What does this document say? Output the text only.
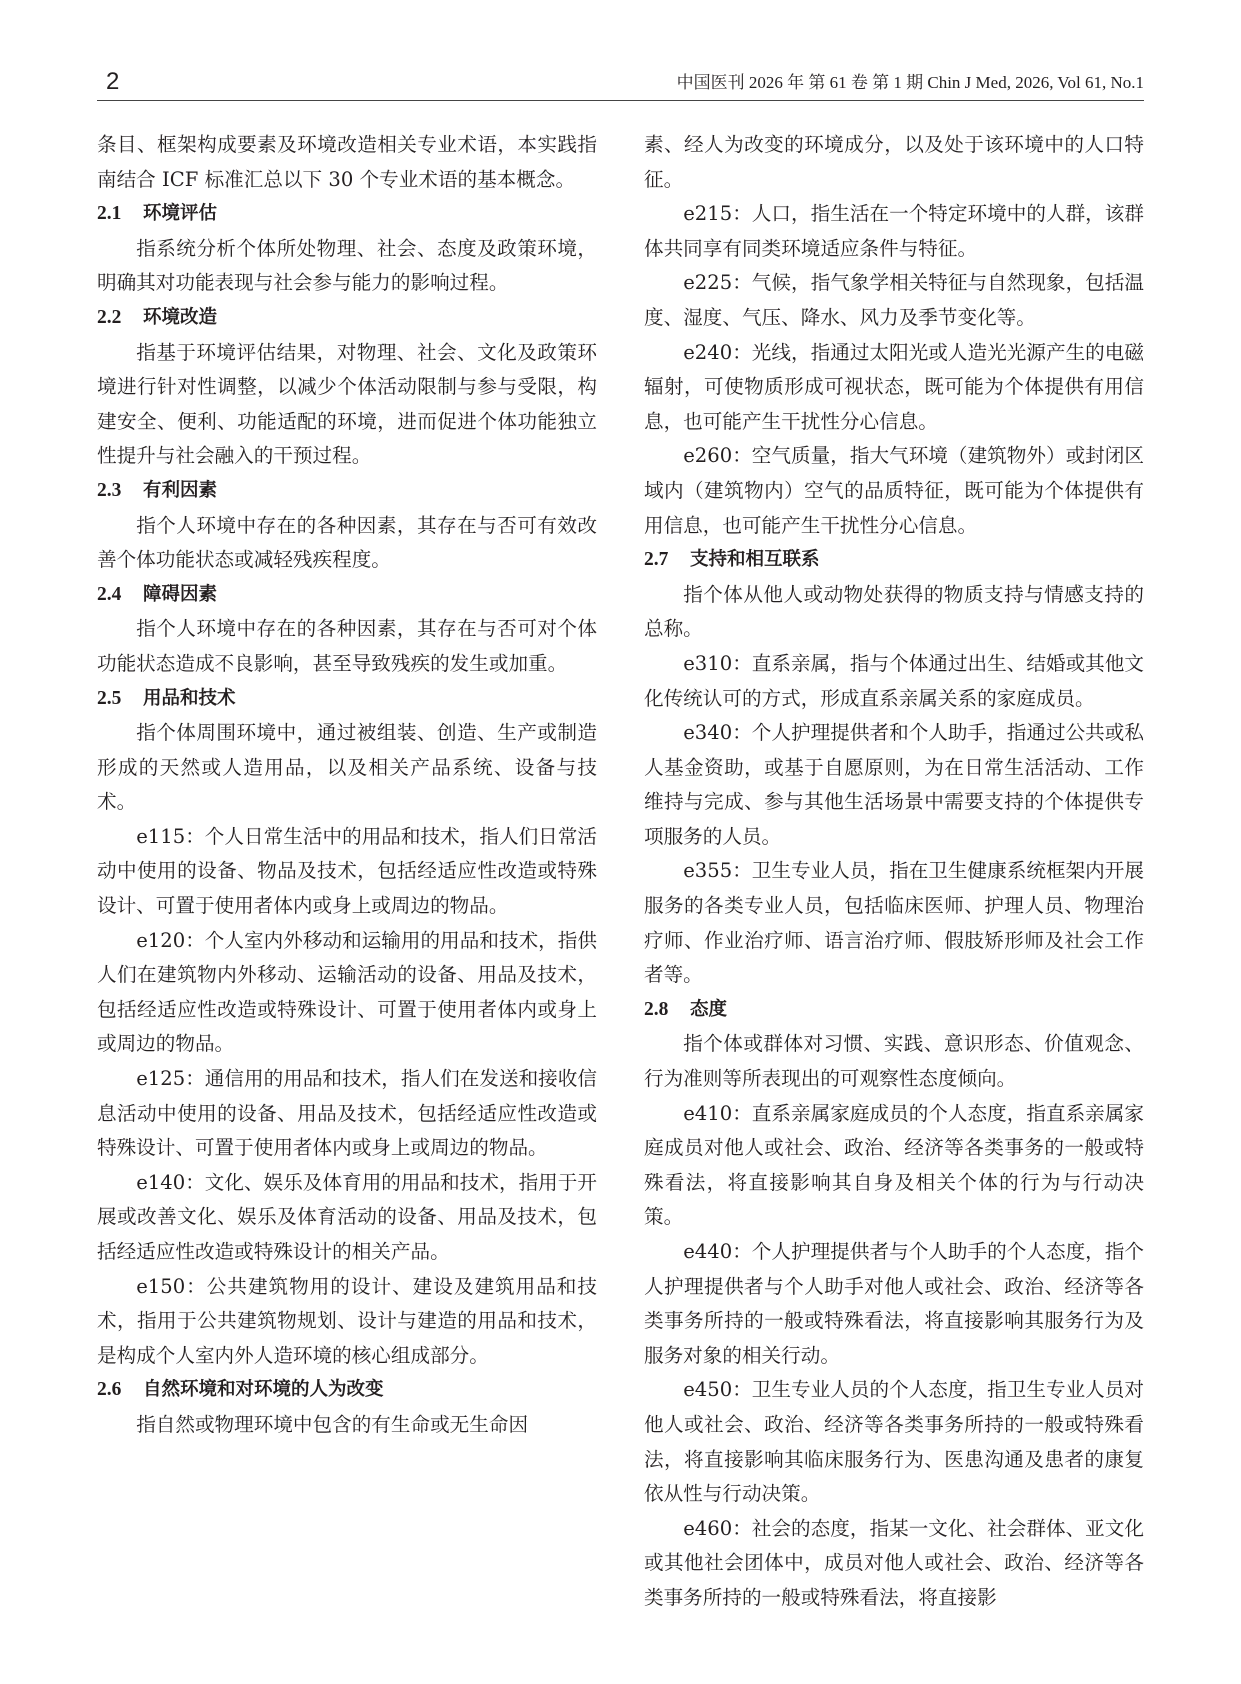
2	中国医刊 2026 年 第 61 卷 第 1 期 Chin J Med, 2026, Vol 61, No.1

条目、框架构成要素及环境改造相关专业术语，本实践指南结合 ICF 标准汇总以下 30 个专业术语的基本概念。

2.1 环境评估

指系统分析个体所处物理、社会、态度及政策环境，明确其对功能表现与社会参与能力的影响过程。

2.2 环境改造

指基于环境评估结果，对物理、社会、文化及政策环境进行针对性调整，以减少个体活动限制与参与受限，构建安全、便利、功能适配的环境，进而促进个体功能独立性提升与社会融入的干预过程。

2.3 有利因素

指个人环境中存在的各种因素，其存在与否可有效改善个体功能状态或减轻残疾程度。

2.4 障碍因素

指个人环境中存在的各种因素，其存在与否可对个体功能状态造成不良影响，甚至导致残疾的发生或加重。

2.5 用品和技术

指个体周围环境中，通过被组装、创造、生产或制造形成的天然或人造用品，以及相关产品系统、设备与技术。

e115：个人日常生活中的用品和技术，指人们日常活动中使用的设备、物品及技术，包括经适应性改造或特殊设计、可置于使用者体内或身上或周边的物品。

e120：个人室内外移动和运输用的用品和技术，指供人们在建筑物内外移动、运输活动的设备、用品及技术，包括经适应性改造或特殊设计、可置于使用者体内或身上或周边的物品。

e125：通信用的用品和技术，指人们在发送和接收信息活动中使用的设备、用品及技术，包括经适应性改造或特殊设计、可置于使用者体内或身上或周边的物品。

e140：文化、娱乐及体育用的用品和技术，指用于开展或改善文化、娱乐及体育活动的设备、用品及技术，包括经适应性改造或特殊设计的相关产品。

e150：公共建筑物用的设计、建设及建筑用品和技术，指用于公共建筑物规划、设计与建造的用品和技术，是构成个人室内外人造环境的核心组成部分。

2.6 自然环境和对环境的人为改变

指自然或物理环境中包含的有生命或无生命因

素、经人为改变的环境成分，以及处于该环境中的人口特征。

e215：人口，指生活在一个特定环境中的人群，该群体共同享有同类环境适应条件与特征。

e225：气候，指气象学相关特征与自然现象，包括温度、湿度、气压、降水、风力及季节变化等。

e240：光线，指通过太阳光或人造光光源产生的电磁辐射，可使物质形成可视状态，既可能为个体提供有用信息，也可能产生干扰性分心信息。

e260：空气质量，指大气环境（建筑物外）或封闭区域内（建筑物内）空气的品质特征，既可能为个体提供有用信息，也可能产生干扰性分心信息。

2.7 支持和相互联系

指个体从他人或动物处获得的物质支持与情感支持的总称。

e310：直系亲属，指与个体通过出生、结婚或其他文化传统认可的方式，形成直系亲属关系的家庭成员。

e340：个人护理提供者和个人助手，指通过公共或私人基金资助，或基于自愿原则，为在日常生活活动、工作维持与完成、参与其他生活场景中需要支持的个体提供专项服务的人员。

e355：卫生专业人员，指在卫生健康系统框架内开展服务的各类专业人员，包括临床医师、护理人员、物理治疗师、作业治疗师、语言治疗师、假肢矫形师及社会工作者等。

2.8 态度

指个体或群体对习惯、实践、意识形态、价值观念、行为准则等所表现出的可观察性态度倾向。

e410：直系亲属家庭成员的个人态度，指直系亲属家庭成员对他人或社会、政治、经济等各类事务的一般或特殊看法，将直接影响其自身及相关个体的行为与行动决策。

e440：个人护理提供者与个人助手的个人态度，指个人护理提供者与个人助手对他人或社会、政治、经济等各类事务所持的一般或特殊看法，将直接影响其服务行为及服务对象的相关行动。

e450：卫生专业人员的个人态度，指卫生专业人员对他人或社会、政治、经济等各类事务所持的一般或特殊看法，将直接影响其临床服务行为、医患沟通及患者的康复依从性与行动决策。

e460：社会的态度，指某一文化、社会群体、亚文化或其他社会团体中，成员对他人或社会、政治、经济等各类事务所持的一般或特殊看法，将直接影
